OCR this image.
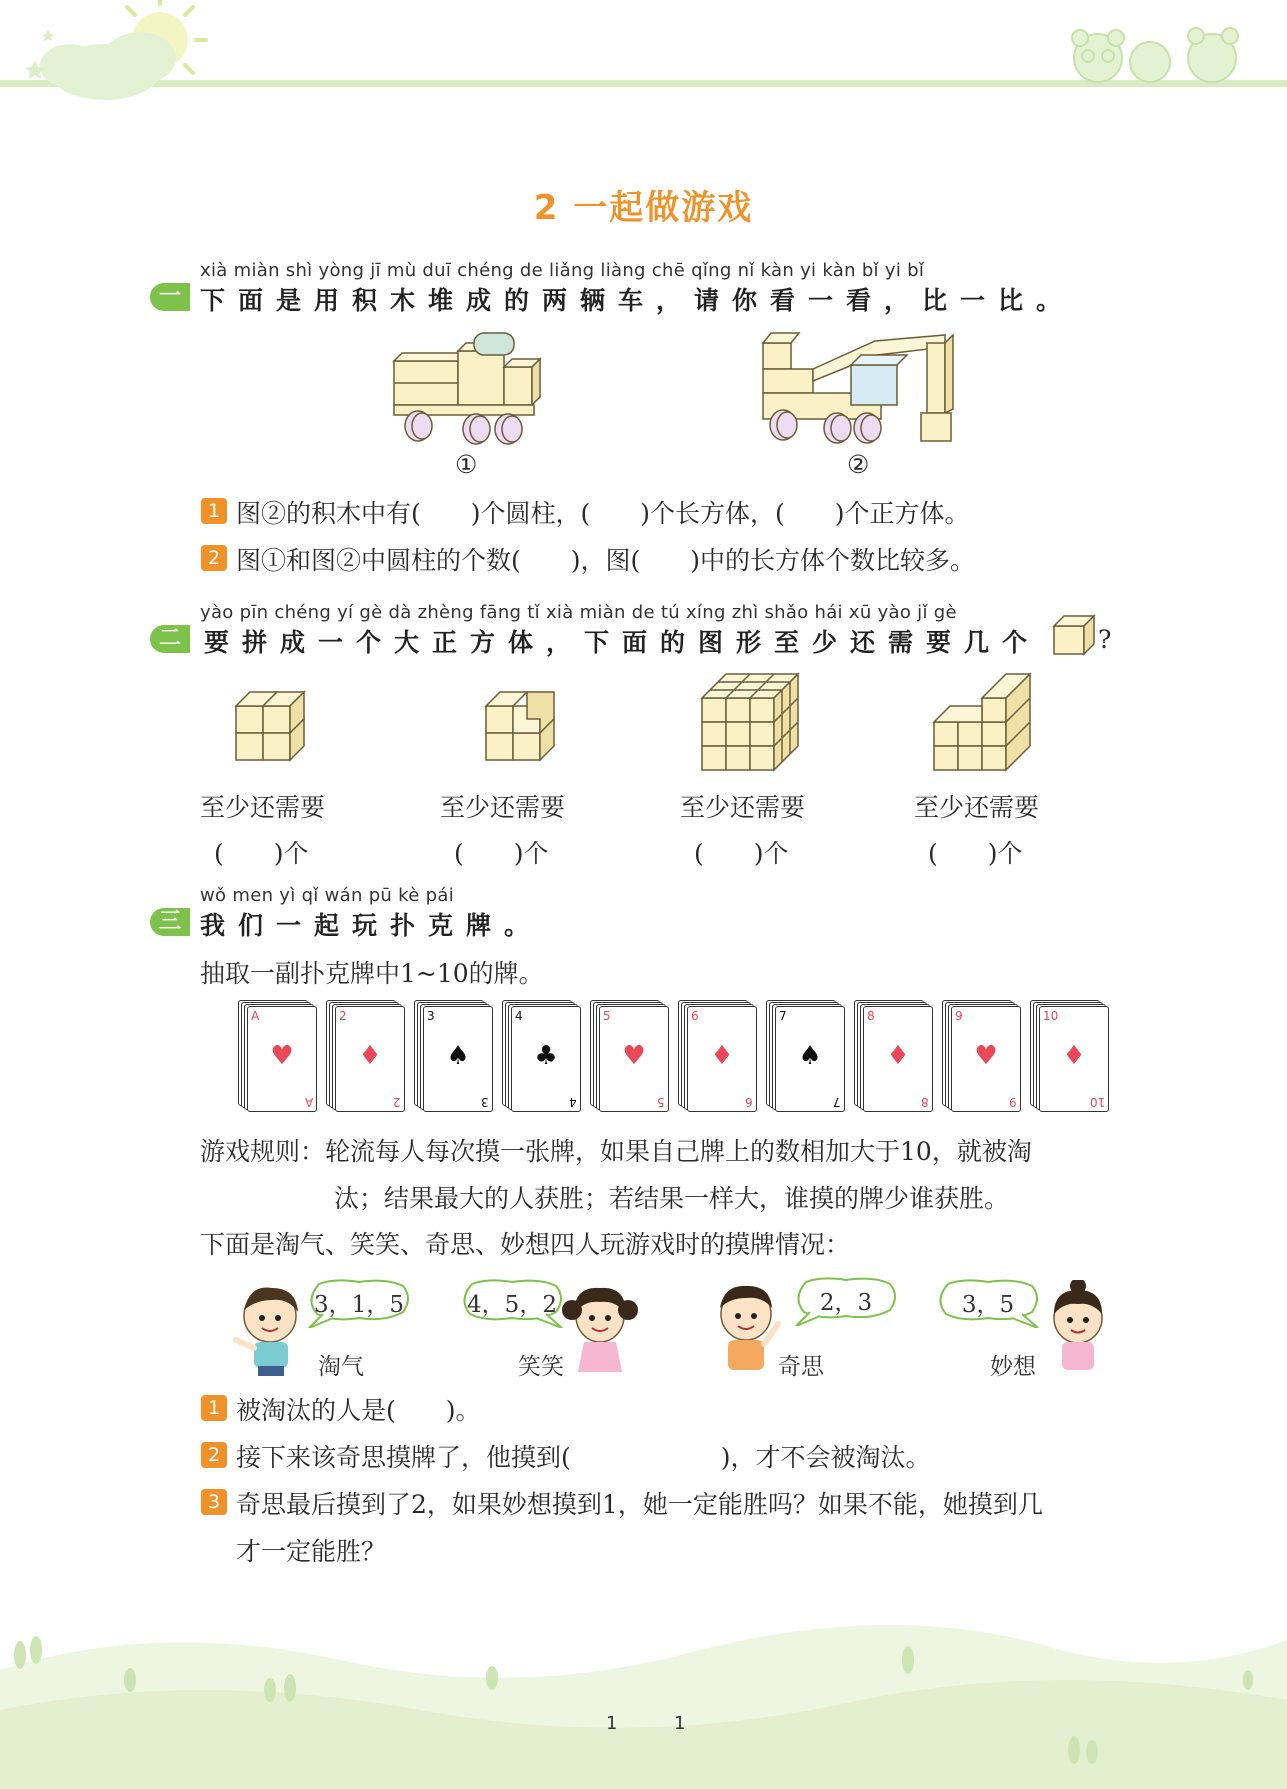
2 一起做游戏
xià miàn shì yòng jī mù duī chéng de liǎng liàng chē qǐng nǐ kàn yi kàn bǐ yi bǐ
一 下面是用积木堆成的两辆车，请你看一看，比一比。
①	②
1 图②的积木中有(　　)个圆柱，(　　)个长方体，(　　)个正方体。
2 图①和图②中圆柱的个数(　　)，图(　　)中的长方体个数比较多。
yào pīn chéng yí gè dà zhèng fāng tǐ xià miàn de tú xíng zhì shǎo hái xū yào jǐ gè
二 要拼成一个大正方体，下面的图形至少还需要几个 ?
至少还需要
(　　)个
至少还需要
(　　)个
至少还需要
(　　)个
至少还需要
(　　)个
wǒ men yì qǐ wán pū kè pái
三 我们一起玩扑克牌。
抽取一副扑克牌中1~10的牌。
A
♥
A
2
♦
2
3
♠
3
4
♣
4
5
♥
5
6
♦
6
7
♠
7
8
♦
8
9
♥
9
10
♦
10
游戏规则：轮流每人每次摸一张牌，如果自己牌上的数相加大于10，就被淘
汰；结果最大的人获胜；若结果一样大，谁摸的牌少谁获胜。
下面是淘气、笑笑、奇思、妙想四人玩游戏时的摸牌情况：
3，1，5
淘气
4，5，2
笑笑
2，3
奇思
3，5
妙想
1 被淘汰的人是(　　)。
2 接下来该奇思摸牌了，他摸到(　　　　　　)，才不会被淘汰。
3 奇思最后摸到了2，如果妙想摸到1，她一定能胜吗？如果不能，她摸到几
才一定能胜？
1	1
